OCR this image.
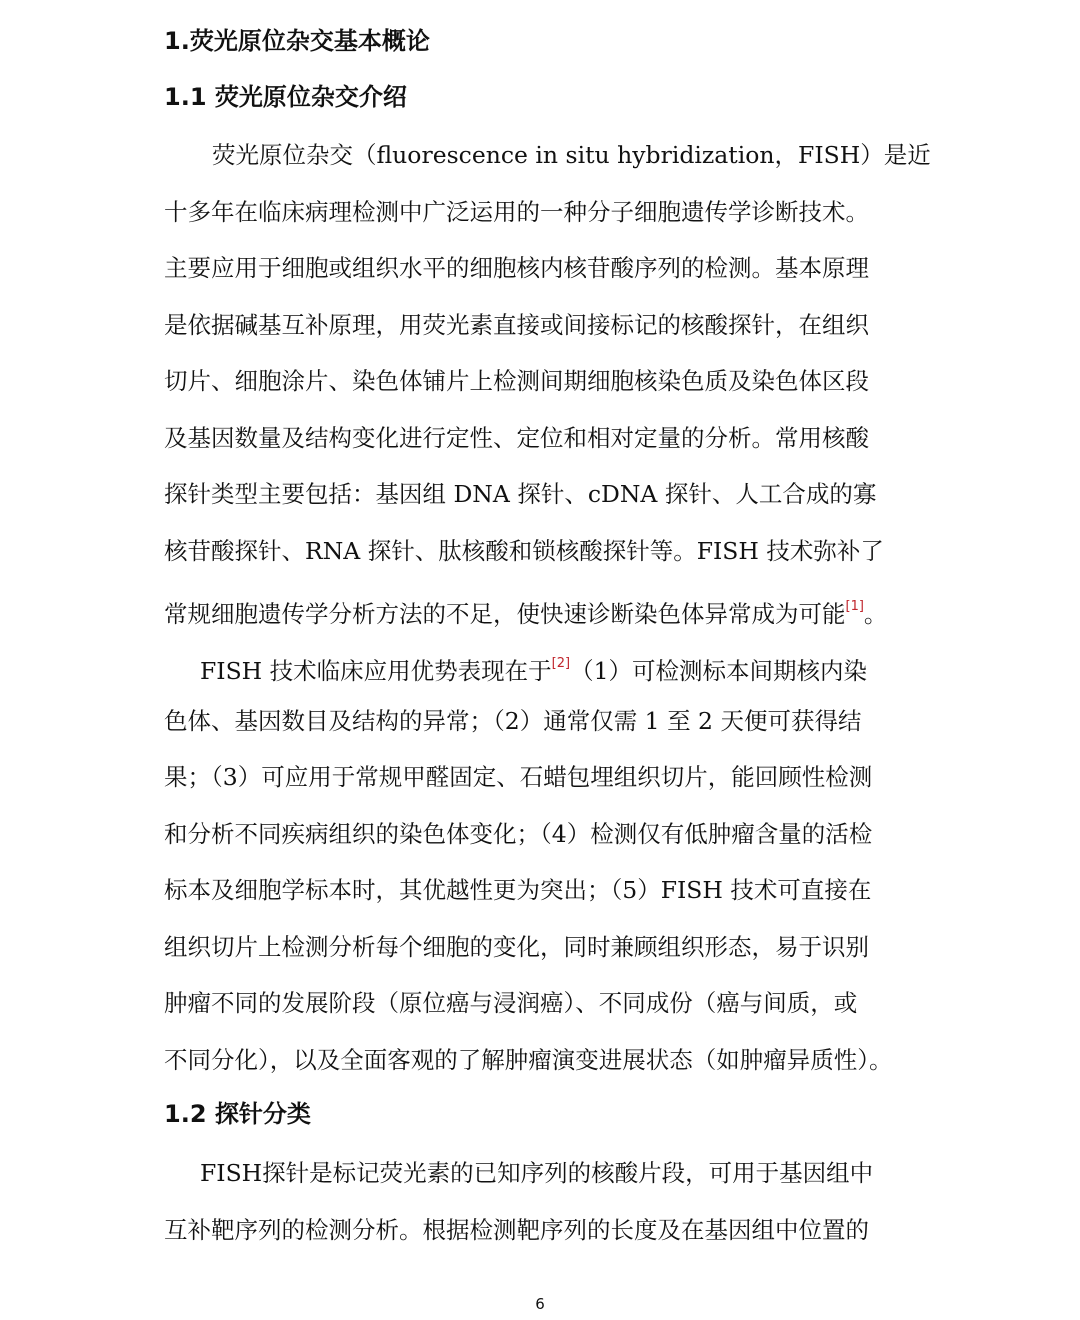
1.荧光原位杂交基本概论
1.1 荧光原位杂交介绍
荧光原位杂交（fluorescence in situ hybridization，FISH）是近
十多年在临床病理检测中广泛运用的一种分子细胞遗传学诊断技术。
主要应用于细胞或组织水平的细胞核内核苷酸序列的检测。基本原理
是依据碱基互补原理，用荧光素直接或间接标记的核酸探针，在组织
切片、细胞涂片、染色体铺片上检测间期细胞核染色质及染色体区段
及基因数量及结构变化进行定性、定位和相对定量的分析。常用核酸
探针类型主要包括：基因组 DNA 探针、cDNA 探针、人工合成的寡
核苷酸探针、RNA 探针、肽核酸和锁核酸探针等。FISH 技术弥补了
常规细胞遗传学分析方法的不足，使快速诊断染色体异常成为可能[1]。
FISH 技术临床应用优势表现在于[2]（1）可检测标本间期核内染
色体、基因数目及结构的异常；（2）通常仅需 1 至 2 天便可获得结
果；（3）可应用于常规甲醛固定、石蜡包埋组织切片，能回顾性检测
和分析不同疾病组织的染色体变化；（4）检测仅有低肿瘤含量的活检
标本及细胞学标本时，其优越性更为突出；（5）FISH 技术可直接在
组织切片上检测分析每个细胞的变化，同时兼顾组织形态，易于识别
肿瘤不同的发展阶段（原位癌与浸润癌）、不同成份（癌与间质，或
不同分化），以及全面客观的了解肿瘤演变进展状态（如肿瘤异质性）。
1.2 探针分类
FISH探针是标记荧光素的已知序列的核酸片段，可用于基因组中
互补靶序列的检测分析。根据检测靶序列的长度及在基因组中位置的
6
